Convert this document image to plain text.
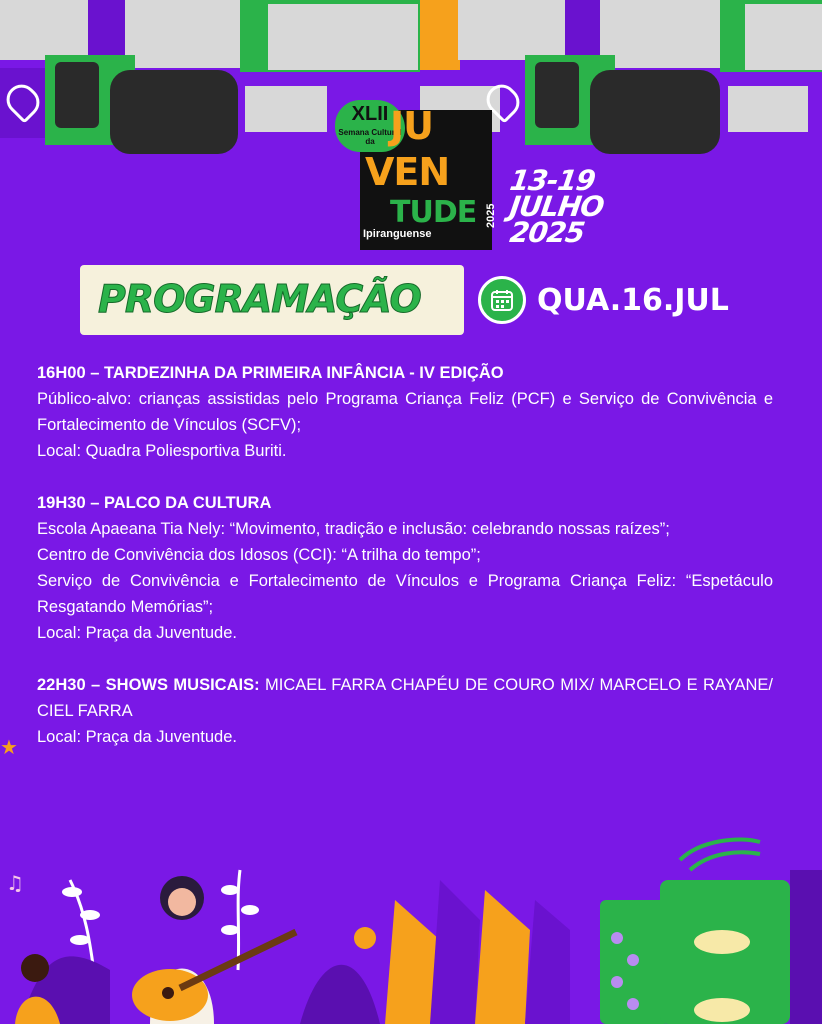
XLII
Semana Cultural da JU
VEN
TUDE
Ipiranguense
2025
13-19
JULHO
2025
PROGRAMAÇÃO	QUA.16.JUL

16H00 – TARDEZINHA DA PRIMEIRA INFÂNCIA - IV EDIÇÃO

Público-alvo: crianças assistidas pelo Programa Criança Feliz (PCF) e Serviço de Convivência e Fortalecimento de Vínculos (SCFV);

Local: Quadra Poliesportiva Buriti.

19H30 – PALCO DA CULTURA

Escola Apaeana Tia Nely: “Movimento, tradição e inclusão: celebrando nossas raízes”;

Centro de Convivência dos Idosos (CCI): “A trilha do tempo”;

Serviço de Convivência e Fortalecimento de Vínculos e Programa Criança Feliz: “Espetáculo Resgatando Memórias”;

Local: Praça da Juventude.

22H30 – SHOWS MUSICAIS: MICAEL FARRA CHAPÉU DE COURO MIX/ MARCELO E RAYANE/ CIEL FARRA

Local: Praça da Juventude.

♫
★
